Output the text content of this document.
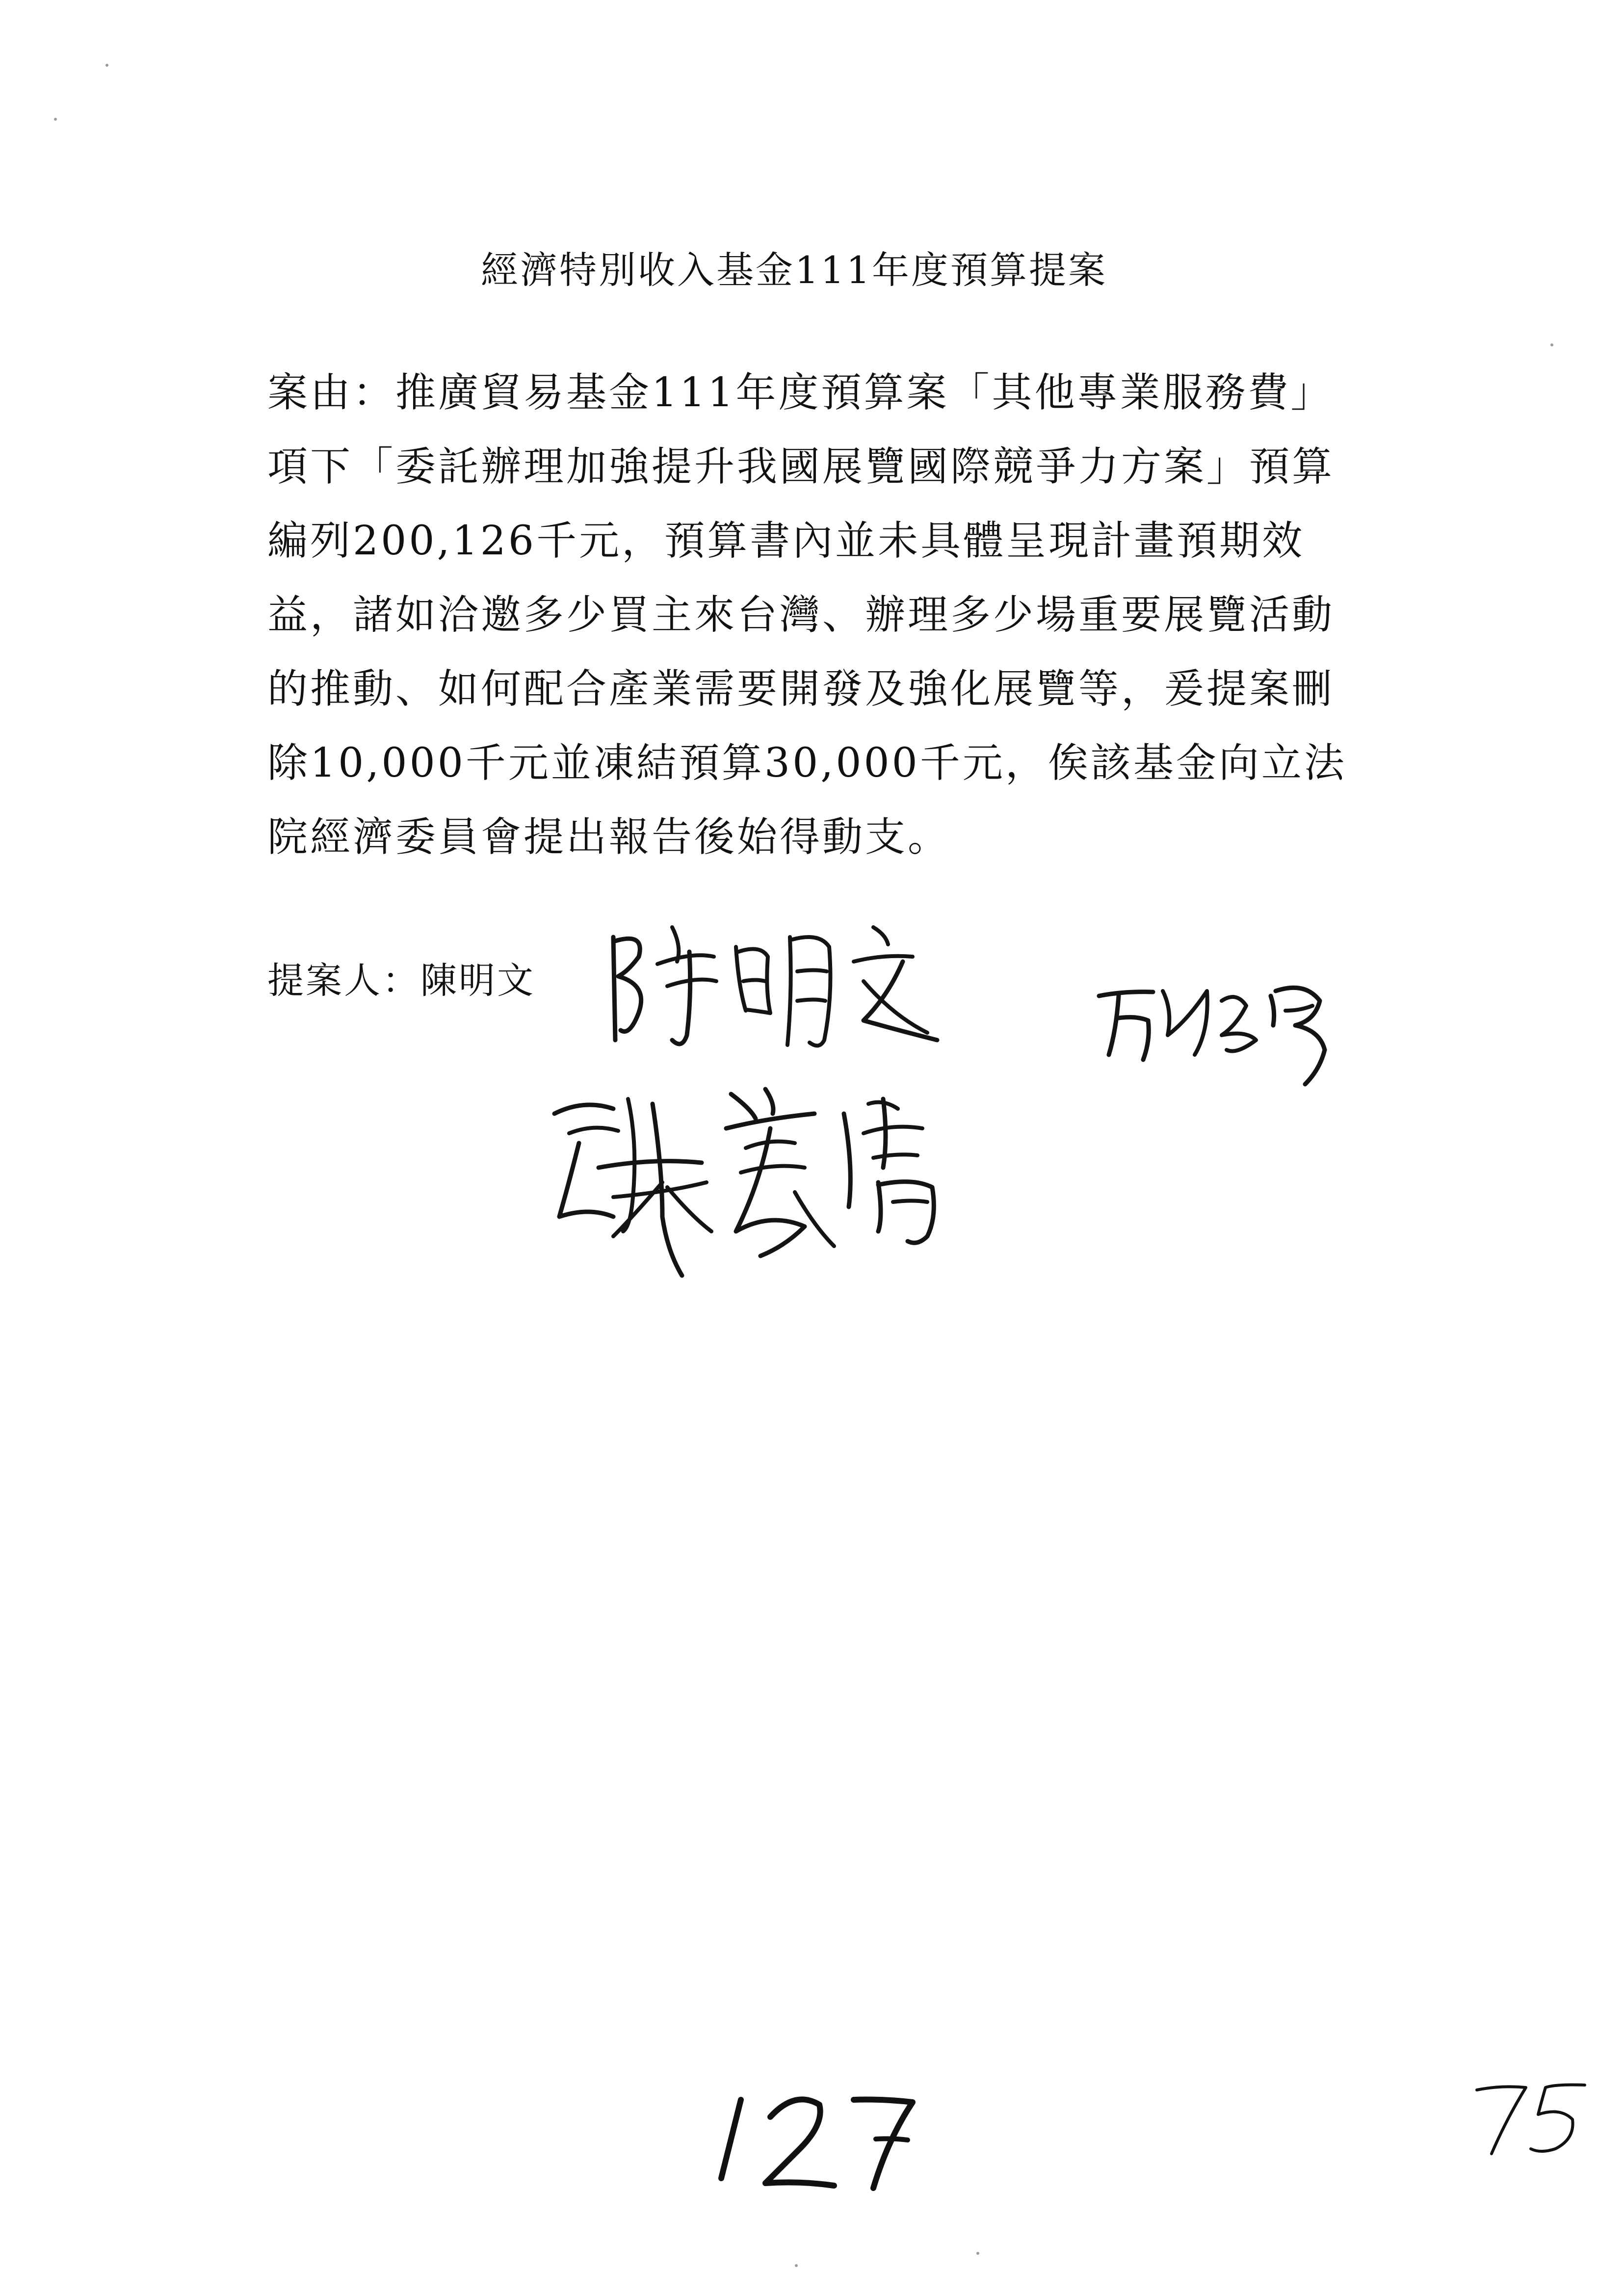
經濟特別收入基金111年度預算提案
案由：推廣貿易基金111年度預算案「其他專業服務費」
項下「委託辦理加強提升我國展覽國際競爭力方案」預算
編列200,126千元，預算書內並未具體呈現計畫預期效
益，諸如洽邀多少買主來台灣、辦理多少場重要展覽活動
的推動、如何配合產業需要開發及強化展覽等，爰提案刪
除10,000千元並凍結預算30,000千元，俟該基金向立法
院經濟委員會提出報告後始得動支。
提案人：陳明文
